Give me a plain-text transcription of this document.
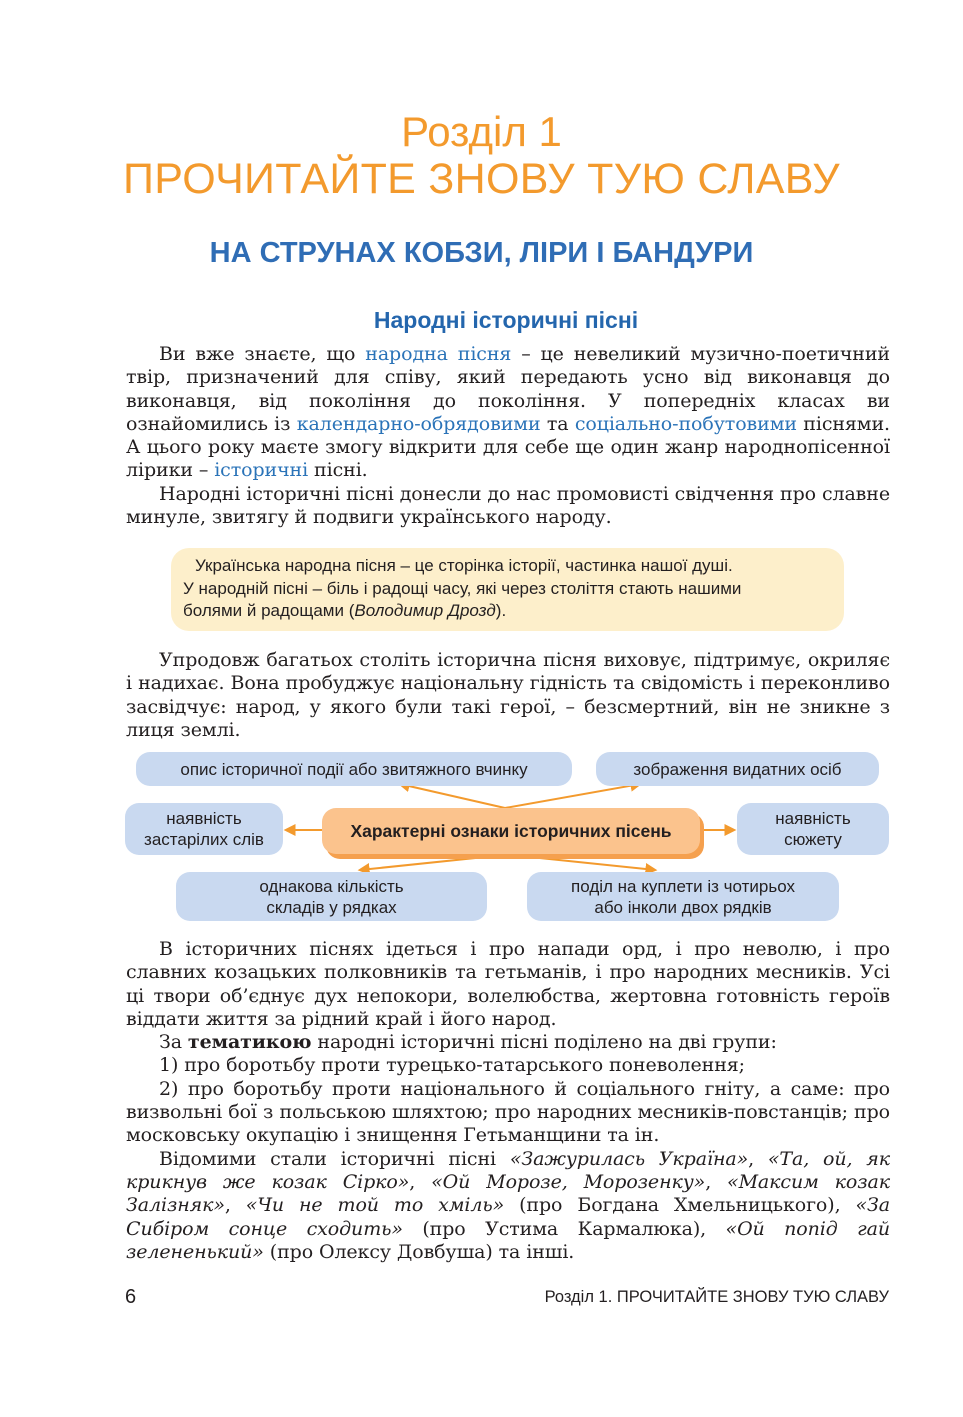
Розділ 1
ПРОЧИТАЙТЕ ЗНОВУ ТУЮ СЛАВУ
НА СТРУНАХ КОБЗИ, ЛІРИ І БАНДУРИ
Народні історичні пісні

Ви вже знаєте, що народна пісня – це невеликий музично-поетичний твір, призначений для співу, який передають усно від виконавця до виконавця, від покоління до покоління. У попередніх класах ви ознайомились із календарно-обрядовими та соціально-побутовими піснями. А цього року маєте змогу відкрити для себе ще один жанр народнопісенної лірики – історичні пісні.

Народні історичні пісні донесли до нас промовисті свідчення про славне минуле, звитягу й подвиги українського народу.

Українська народна пісня – це сторінка історії, частинка нашої душі.

У народній пісні – біль і радощі часу, які через століття стають нашими

болями й радощами (Володимир Дрозд).

Упродовж багатьох століть історична пісня виховує, підтримує, окриляє і надихає. Вона пробуджує національну гідність та свідомість і переконливо засвідчує: народ, у якого були такі герої, – безсмертний, він не зникне з лиця землі.

опис історичної події або звитяжного вчинку	зображення видатних осіб
наявність
застарілих слів	Характерні ознаки історичних пісень
наявність
сюжету
однакова кількість
складів у рядках
поділ на куплети із чотирьох
або інколи двох рядків

В історичних піснях ідеться і про напади орд, і про неволю, і про славних козацьких полковників та гетьманів, і про народних месників. Усі ці твори об’єднує дух непокори, волелюбства, жертовна готовність героїв віддати життя за рідний край і його народ.

За тематикою народні історичні пісні поділено на дві групи:

1) про боротьбу проти турецько-татарського поневолення;

2) про боротьбу проти національного й соціального гніту, а саме: про визвольні бої з польською шляхтою; про народних месників-повстанців; про московську окупацію і знищення Гетьманщини та ін.

Відомими стали історичні пісні «Зажурилась Україна», «Та, ой, як крикнув же козак Сірко», «Ой Морозе, Морозенку», «Максим козак Залізняк», «Чи не той то хміль» (про Богдана Хмельницького), «За Сибіром сонце сходить» (про Устима Кармалюка), «Ой попід гай зелененький» (про Олексу Довбуша) та інші.

6	Розділ 1. ПРОЧИТАЙТЕ ЗНОВУ ТУЮ СЛАВУ
